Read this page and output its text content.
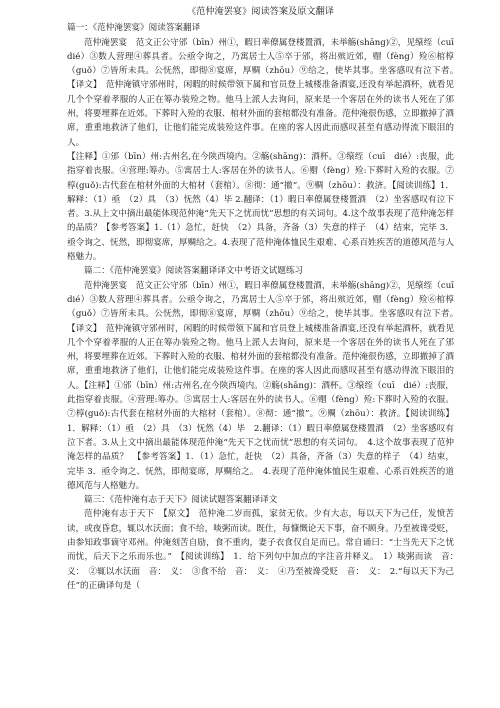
《范仲淹罢宴》阅读答案及原文翻译

篇一：《范仲淹罢宴》阅读答案翻译

范仲淹罢宴　范文正公守邠（bīn）州①，暇日率僚属登楼置酒，未举觞(shāng)②，见缞绖（cuī　dié）③数人营理④葬具者。公亟令询之，乃寓居士人⑤卒于邠，将出殡近郊，赗（fèng）殓⑥棺椁（guǒ）⑦皆所未具。公怃然，即彻⑧宴席，厚赒（zhōu）⑨给之，使毕其事。坐客感叹有泣下者。　【译文】　范仲淹镇守邠州时，闲暇的时候带领下属和官员登上城楼准备酒宴,还没有举起酒杯，就看见几个个穿着孝服的人正在筹办装殓之物。他马上派人去询问，原来是一个客居在外的读书人死在了邠州，将要埋葬在近郊。下葬时入殓的衣服、棺材外面的套棺都没有准备。范仲淹很伤感，立即撤掉了酒席，重重地救济了他们，让他们能完成装殓这件事。在座的客人因此而感叹甚至有感动得流下眼泪的人。

【注释】①邠（bīn）州:古州名,在今陕西境内。②觞(shāng)：酒杯。③缞绖（cuī　dié）:丧服，此指穿着丧服。④营理:筹办。⑤寓居士人:客居在外的读书人。⑥赗（fèng）殓:下葬时入殓的衣服。⑦椁(guǒ):古代套在棺材外面的大棺材（套棺）。⑧彻：通“撤”。⑨赒（zhōu）：救济。【阅读训练】1．解释：（1）亟　（2）具　（3）怃然（4）毕 2.翻译：（1）暇日率僚属登楼置酒　（2）坐客感叹有泣下者。3.从上文中摘出最能体现范仲淹“先天下之忧而忧”思想的有关词句。4.这个故事表现了范仲淹怎样的品质？【参考答案】1.（1）急忙，赶快　（2）具备，齐备（3）失意的样子　（4）结束，完毕 3．亟令询之、怃然，即彻宴席，厚赒给之。4.表现了范仲淹体恤民生艰难、心系百姓疾苦的道德风范与人格魅力。

篇二：《范仲淹罢宴》阅读答案翻译译文中考语文试题练习

范仲淹罢宴　范文正公守邠（bīn）州①，暇日率僚属登楼置酒，未举觞(shāng)②，见缞绖（cuī　dié）③数人营理④葬具者。公亟令询之，乃寓居士人⑤卒于邠，将出殡近郊，赗（fèng）殓⑥棺椁（guǒ）⑦皆所未具。公怃然，即彻⑧宴席，厚赒（zhōu）⑨给之，使毕其事。坐客感叹有泣下者。　【译文】　范仲淹镇守邠州时，闲暇的时候带领下属和官员登上城楼准备酒宴,还没有举起酒杯，就看见几个个穿着孝服的人正在筹办装殓之物。他马上派人去询问，原来是一个客居在外的读书人死在了邠州，将要埋葬在近郊。下葬时入殓的衣服、棺材外面的套棺都没有准备。范仲淹很伤感，立即撤掉了酒席，重重地救济了他们，让他们能完成装殓这件事。在座的客人因此而感叹甚至有感动得流下眼泪的人。【注释】①邠（bīn）州:古州名,在今陕西境内。②觞(shāng)：酒杯。③缞绖（cuī　dié）:丧服，此指穿着丧服。④营理:筹办。⑤寓居士人:客居在外的读书人。⑥赗（fèng）殓:下葬时入殓的衣服。⑦椁(guǒ):古代套在棺材外面的大棺材（套棺）。⑧彻：通“撤”。⑨赒（zhōu）：救济。【阅读训练】1．解释：（1）亟　（2）具　（3）怃然（4）毕　2.翻译：（1）暇日率僚属登楼置酒　（2）坐客感叹有泣下者。3.从上文中摘出最能体现范仲淹“先天下之忧而忧”思想的有关词句。　4.这个故事表现了范仲淹怎样的品质？　【参考答案】1．（1）急忙，赶快　（2）具备，齐备（3）失意的样子　（4）结束，完毕 3．亟令询之、怃然，即彻宴席，厚赒给之。　4.表现了范仲淹体恤民生艰难、心系百姓疾苦的道德风范与人格魅力。

篇三：《范仲淹有志于天下》阅读试题答案翻译译文

范仲淹有志于天下　【原文】　范仲淹二岁而孤，家贫无依。少有大志，每以天下为己任，发愤苦读，或夜昏怠，辄以水沃面；食不给，啖粥而读。既仕，每慷慨论天下事，奋不顾身。乃至被谗受贬，由参知政事谪守邓州。仲淹刻苦自励，食不重肉，妻子衣食仅自足而已。常自诵曰：“士当先天下之忧而忧，后天下之乐而乐也。”　【阅读训练】　1．给下列句中加点的字注音并释义。　1）啖粥而读　音：　义：　②辄以水沃面　音：　义：　③食不给　音：　义：　④乃至被谗受贬　音：　义：　2.“每以天下为己任”的正确译句是（
